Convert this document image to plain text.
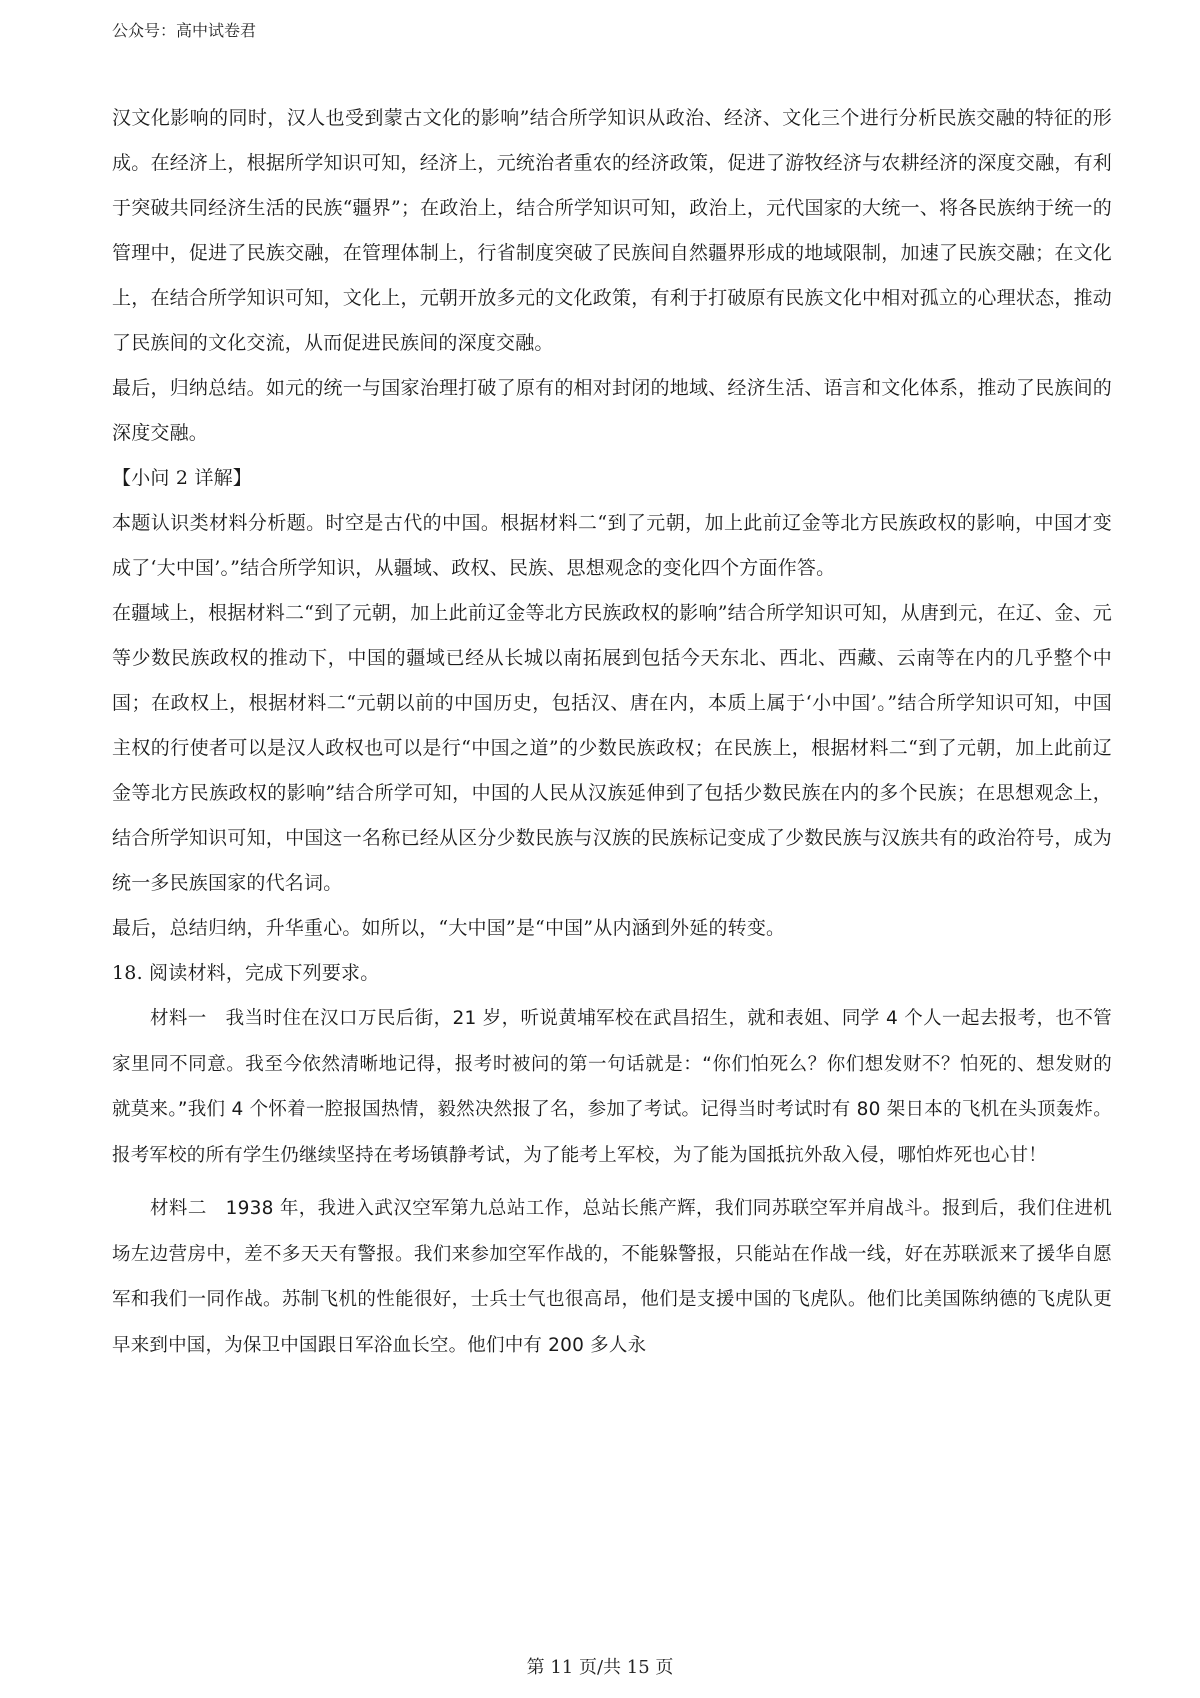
公众号：高中试卷君

汉文化影响的同时，汉人也受到蒙古文化的影响”结合所学知识从政治、经济、文化三个进行分析民族交融的特征的形成。在经济上，根据所学知识可知，经济上，元统治者重农的经济政策，促进了游牧经济与农耕经济的深度交融，有利于突破共同经济生活的民族“疆界”；在政治上，结合所学知识可知，政治上，元代国家的大统一、将各民族纳于统一的管理中，促进了民族交融，在管理体制上，行省制度突破了民族间自然疆界形成的地域限制，加速了民族交融；在文化上，在结合所学知识可知，文化上，元朝开放多元的文化政策，有利于打破原有民族文化中相对孤立的心理状态，推动了民族间的文化交流，从而促进民族间的深度交融。

最后，归纳总结。如元的统一与国家治理打破了原有的相对封闭的地域、经济生活、语言和文化体系，推动了民族间的深度交融。

【小问 2 详解】

本题认识类材料分析题。时空是古代的中国。根据材料二“到了元朝，加上此前辽金等北方民族政权的影响，中国才变成了‘大中国’。”结合所学知识，从疆域、政权、民族、思想观念的变化四个方面作答。

在疆域上，根据材料二“到了元朝，加上此前辽金等北方民族政权的影响”结合所学知识可知，从唐到元，在辽、金、元等少数民族政权的推动下，中国的疆域已经从长城以南拓展到包括今天东北、西北、西藏、云南等在内的几乎整个中国；在政权上，根据材料二“元朝以前的中国历史，包括汉、唐在内，本质上属于‘小中国’。”结合所学知识可知，中国主权的行使者可以是汉人政权也可以是行“中国之道”的少数民族政权；在民族上，根据材料二“到了元朝，加上此前辽金等北方民族政权的影响”结合所学可知，中国的人民从汉族延伸到了包括少数民族在内的多个民族；在思想观念上，结合所学知识可知，中国这一名称已经从区分少数民族与汉族的民族标记变成了少数民族与汉族共有的政治符号，成为统一多民族国家的代名词。

最后，总结归纳，升华重心。如所以，“大中国”是“中国”从内涵到外延的转变。

18. 阅读材料，完成下列要求。

材料一　我当时住在汉口万民后街，21 岁，听说黄埔军校在武昌招生，就和表姐、同学 4 个人一起去报考，也不管家里同不同意。我至今依然清晰地记得，报考时被问的第一句话就是：“你们怕死么？你们想发财不？怕死的、想发财的就莫来。”我们 4 个怀着一腔报国热情，毅然决然报了名，参加了考试。记得当时考试时有 80 架日本的飞机在头顶轰炸。报考军校的所有学生仍继续坚持在考场镇静考试，为了能考上军校，为了能为国抵抗外敌入侵，哪怕炸死也心甘！

材料二　1938 年，我进入武汉空军第九总站工作，总站长熊产辉，我们同苏联空军并肩战斗。报到后，我们住进机场左边营房中，差不多天天有警报。我们来参加空军作战的，不能躲警报，只能站在作战一线，好在苏联派来了援华自愿军和我们一同作战。苏制飞机的性能很好，士兵士气也很高昂，他们是支援中国的飞虎队。他们比美国陈纳德的飞虎队更早来到中国，为保卫中国跟日军浴血长空。他们中有 200 多人永

第 11 页/共 15 页
